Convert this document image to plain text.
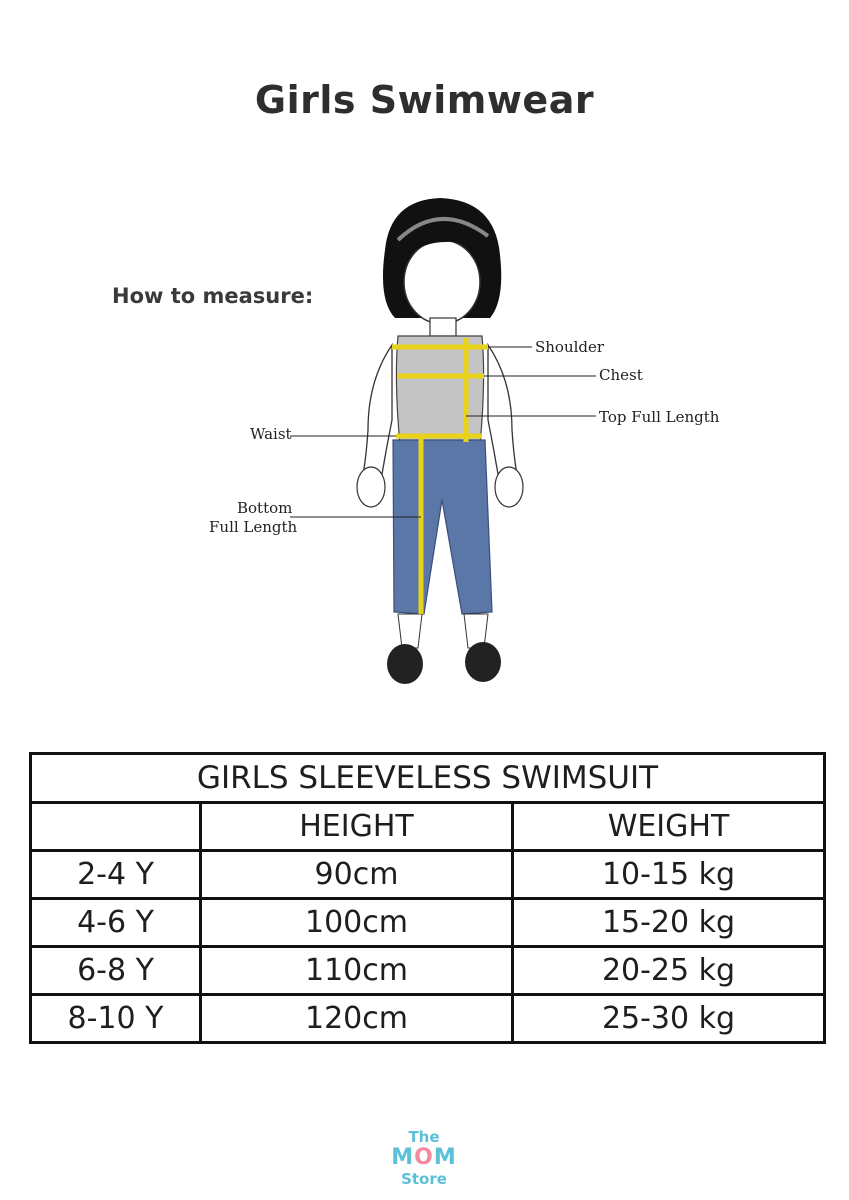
Girls Swimwear
How to measure:
Shoulder
Chest
Top Full Length
Waist
Bottom
Full Length
GIRLS SLEEVELESS SWIMSUIT		
	HEIGHT	WEIGHT
2-4 Y	90cm	10-15 kg
4-6 Y	100cm	15-20 kg
6-8 Y	110cm	20-25 kg
8-10 Y	120cm	25-30 kg
The
MOM
Store
